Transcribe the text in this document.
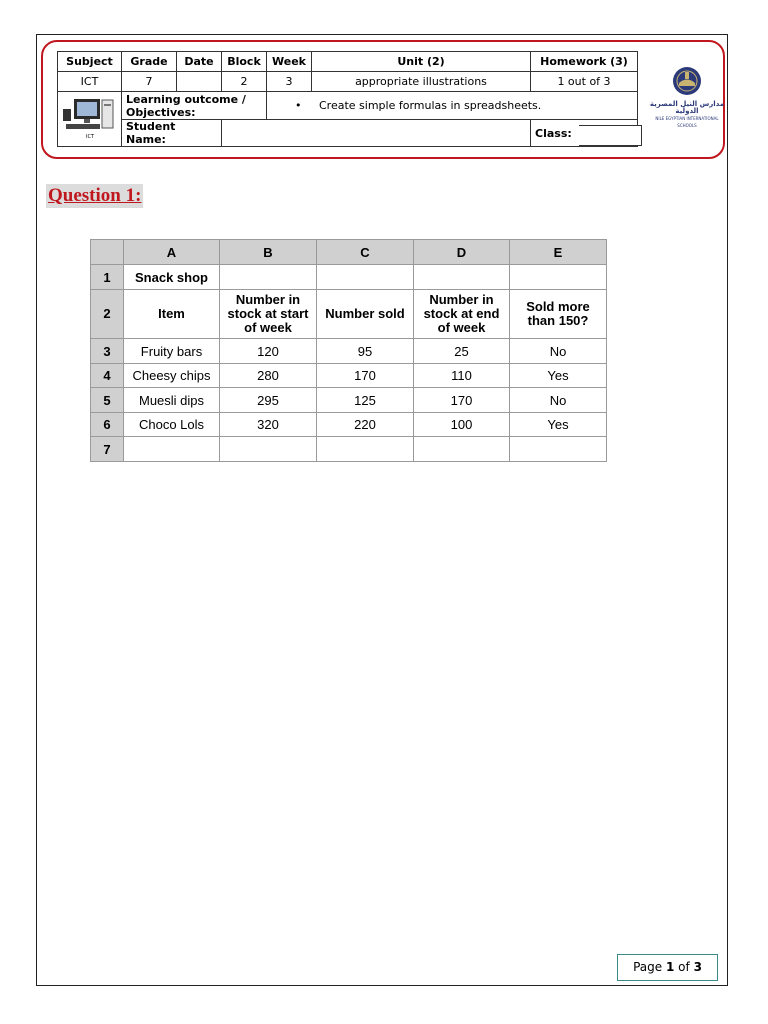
Subject	Grade	Date	Block	Week	Unit (2)	Homework (3)
ICT	7		2	3	appropriate illustrations	1 out of 3

ICT	Learning outcome / Objectives:			• Create simple formulas in spreadsheets.		
	Student Name:					Class:
مدارس النيل المصرية الدولية
NILE EGYPTIAN INTERNATIONAL SCHOOLS
Question 1:
	A	B	C	D	E
1	Snack shop				
2	Item	Number in stock at start of week	Number sold	Number in stock at end of week	Sold more than 150?
3	Fruity bars	120	95	25	No
4	Cheesy chips	280	170	110	Yes
5	Muesli dips	295	125	170	No
6	Choco Lols	320	220	100	Yes
7					
Page 1 of 3
